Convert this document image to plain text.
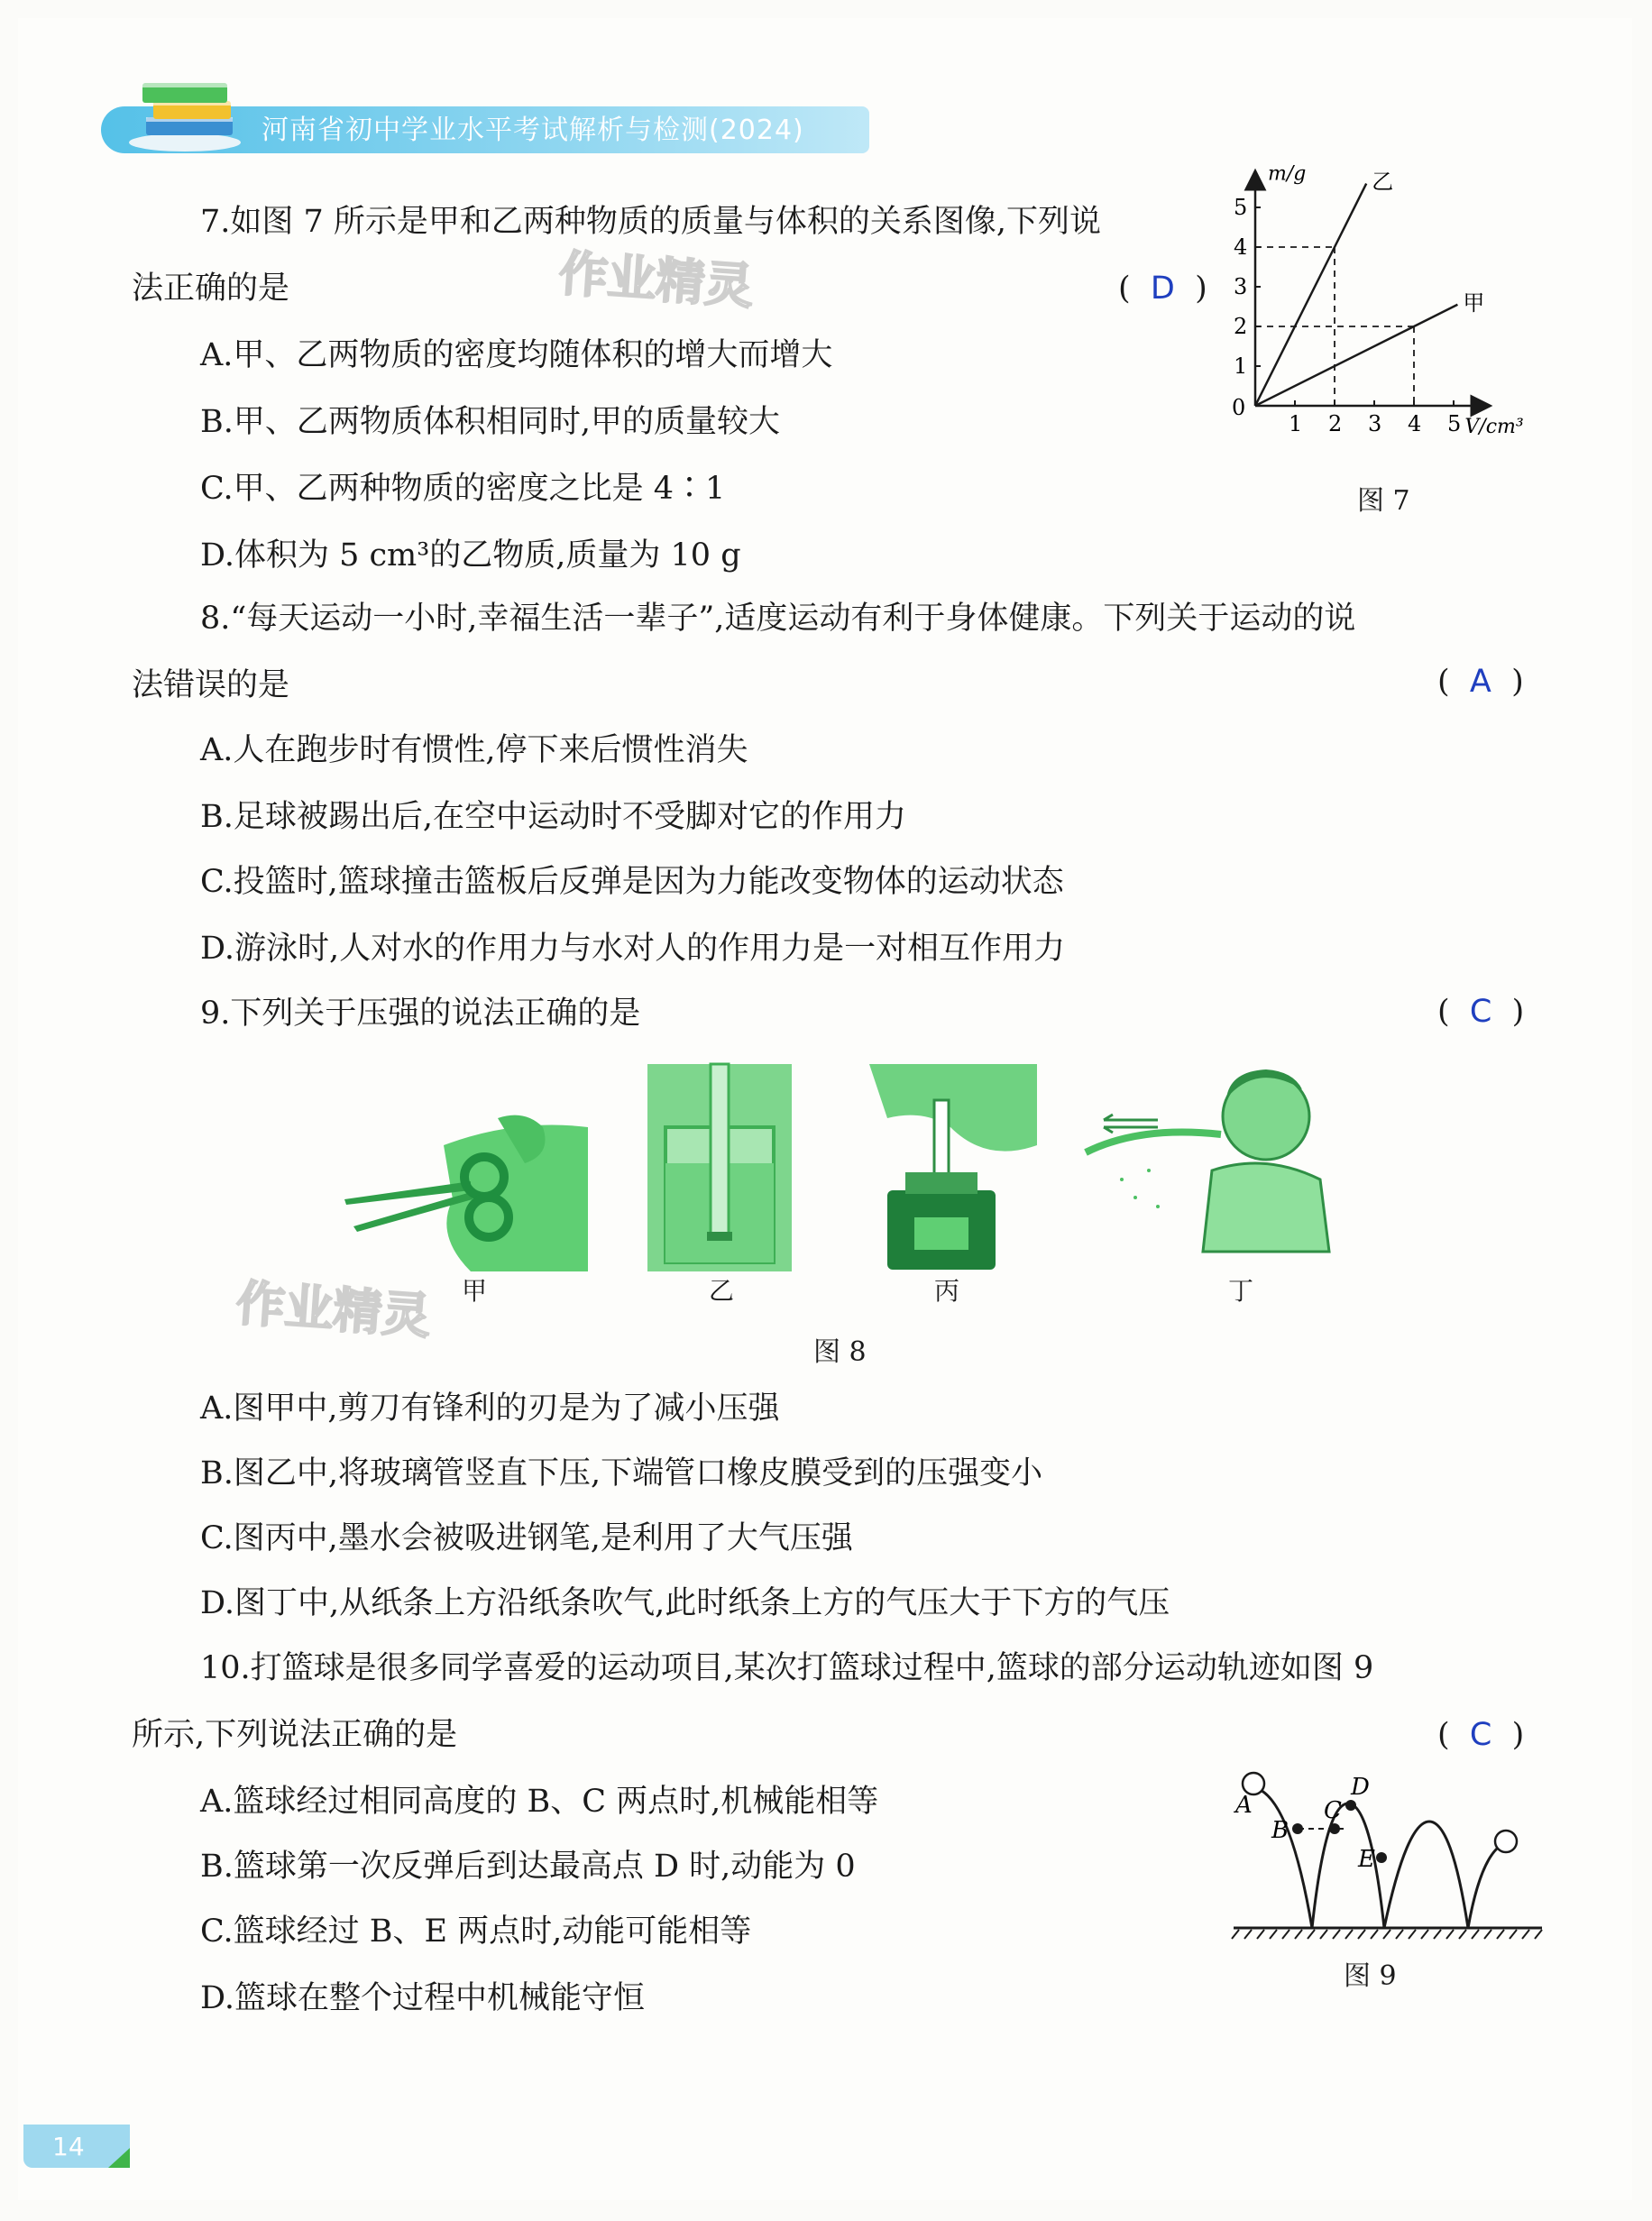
河南省初中学业水平考试解析与检测(2024)
作业精灵
作业精灵
7.如图 7 所示是甲和乙两种物质的质量与体积的关系图像,下列说
法正确的是	(  D  )
A.甲、乙两物质的密度均随体积的增大而增大
B.甲、乙两物质体积相同时,甲的质量较大
C.甲、乙两种物质的密度之比是 4∶1
D.体积为 5 cm³的乙物质,质量为 10 g
1 2 3 4 5
1
2
3
4
5
0
V/cm³
m/g	乙
甲
图 7
8.“每天运动一小时,幸福生活一辈子”,适度运动有利于身体健康。下列关于运动的说
法错误的是	(  A  )
A.人在跑步时有惯性,停下来后惯性消失
B.足球被踢出后,在空中运动时不受脚对它的作用力
C.投篮时,篮球撞击篮板后反弹是因为力能改变物体的运动状态
D.游泳时,人对水的作用力与水对人的作用力是一对相互作用力
9.下列关于压强的说法正确的是	(  C  )
甲	乙	丙	丁
图 8
A.图甲中,剪刀有锋利的刃是为了减小压强
B.图乙中,将玻璃管竖直下压,下端管口橡皮膜受到的压强变小
C.图丙中,墨水会被吸进钢笔,是利用了大气压强
D.图丁中,从纸条上方沿纸条吹气,此时纸条上方的气压大于下方的气压
10.打篮球是很多同学喜爱的运动项目,某次打篮球过程中,篮球的部分运动轨迹如图 9
所示,下列说法正确的是	(  C  )
A.篮球经过相同高度的 B、C 两点时,机械能相等
B.篮球第一次反弹后到达最高点 D 时,动能为 0
C.篮球经过 B、E 两点时,动能可能相等
D.篮球在整个过程中机械能守恒
A
B
C
D
E
图 9
14
